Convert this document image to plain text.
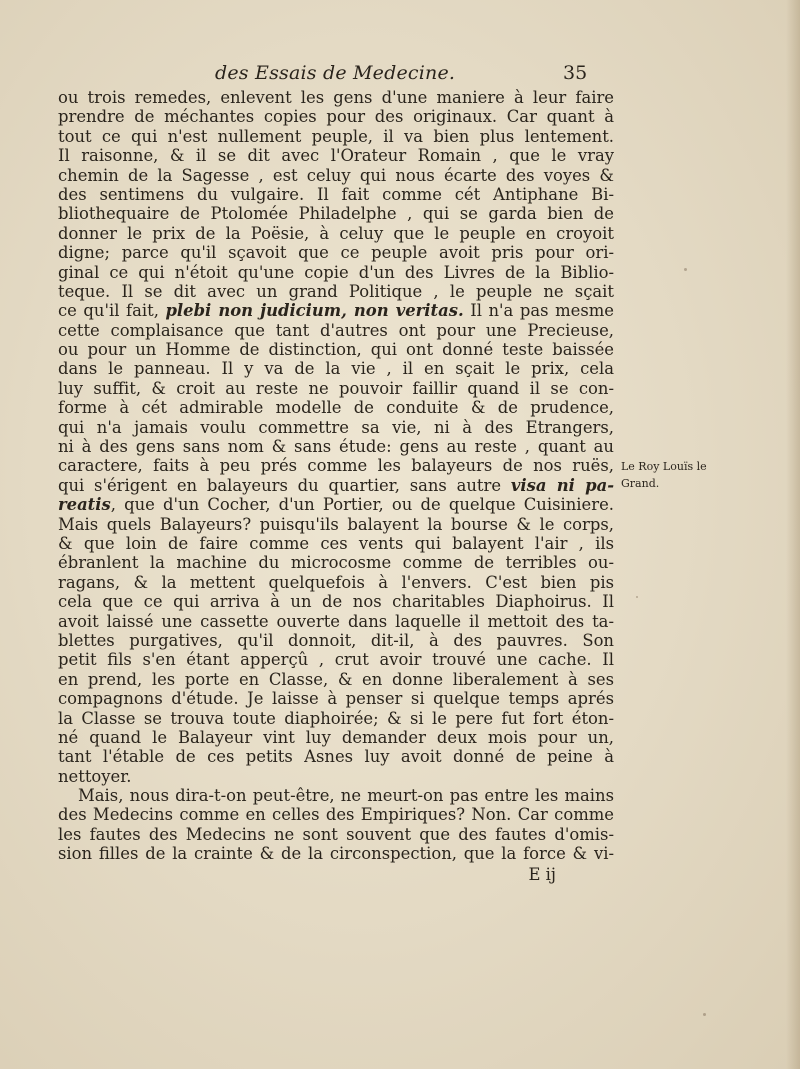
des Essais de Medecine.	35
ou trois remedes, enlevent les gens d'une maniere à leur faire
prendre de méchantes copies pour des originaux. Car quant à
tout ce qui n'est nullement peuple, il va bien plus lentement.
Il raisonne, & il se dit avec l'Orateur Romain , que le vray
chemin de la Sagesse , est celuy qui nous écarte des voyes &
des sentimens du vulgaire. Il fait comme cét Antiphane Bi-
bliothequaire de Ptolomée Philadelphe , qui se garda bien de
donner le prix de la Poësie, à celuy que le peuple en croyoit
digne; parce qu'il sçavoit que ce peuple avoit pris pour ori-
ginal ce qui n'étoit qu'une copie d'un des Livres de la Biblio-
teque. Il se dit avec un grand Politique , le peuple ne sçait
ce qu'il fait, plebi non judicium, non veritas. Il n'a pas mesme
cette complaisance que tant d'autres ont pour une Precieuse,
ou pour un Homme de distinction, qui ont donné teste baissée
dans le panneau. Il y va de la vie , il en sçait le prix, cela
luy suffit, & croit au reste ne pouvoir faillir quand il se con-
forme à cét admirable modelle de conduite & de prudence,
qui n'a jamais voulu commettre sa vie, ni à des Etrangers,
ni à des gens sans nom & sans étude: gens au reste , quant au
caractere, faits à peu prés comme les balayeurs de nos ruës,
qui s'érigent en balayeurs du quartier, sans autre visa ni pa-
reatis, que d'un Cocher, d'un Portier, ou de quelque Cuisiniere.
Mais quels Balayeurs? puisqu'ils balayent la bourse & le corps,
& que loin de faire comme ces vents qui balayent l'air , ils
ébranlent la machine du microcosme comme de terribles ou-
ragans, & la mettent quelquefois à l'envers. C'est bien pis
cela que ce qui arriva à un de nos charitables Diaphoirus. Il
avoit laissé une cassette ouverte dans laquelle il mettoit des ta-
blettes purgatives, qu'il donnoit, dit-il, à des pauvres. Son
petit fils s'en étant apperçû , crut avoir trouvé une cache. Il
en prend, les porte en Classe, & en donne liberalement à ses
compagnons d'étude. Je laisse à penser si quelque temps aprés
la Classe se trouva toute diaphoirée; & si le pere fut fort éton-
né quand le Balayeur vint luy demander deux mois pour un,
tant l'étable de ces petits Asnes luy avoit donné de peine à
nettoyer.
Mais, nous dira-t-on peut-être, ne meurt-on pas entre les mains
des Medecins comme en celles des Empiriques? Non. Car comme
les fautes des Medecins ne sont souvent que des fautes d'omis-
sion filles de la crainte & de la circonspection, que la force & vi-
E ij
Le Roy Louïs le
Grand.
